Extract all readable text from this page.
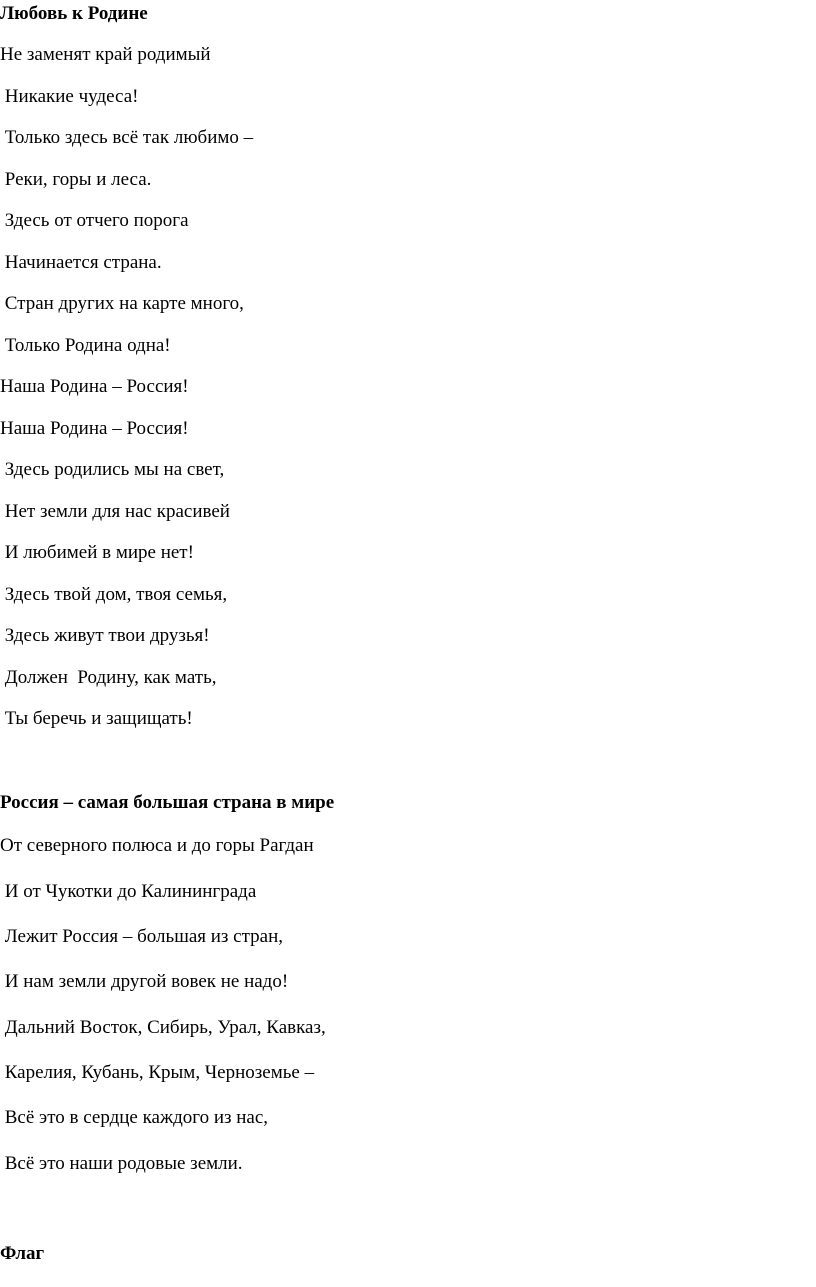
Любовь к Родине

Не заменят край родимый

Никакие чудеса!

Только здесь всё так любимо –

Реки, горы и леса.

Здесь от отчего порога

Начинается страна.

Стран других на карте много,

Только Родина одна!

Наша Родина – Россия!

Наша Родина – Россия!

Здесь родились мы на свет,

Нет земли для нас красивей

И любимей в мире нет!

Здесь твой дом, твоя семья,

Здесь живут твои друзья!

Должен  Родину, как мать,

Ты беречь и защищать!

Россия – самая большая страна в мире

От северного полюса и до горы Рагдан

И от Чукотки до Калининграда

Лежит Россия – большая из стран,

И нам земли другой вовек не надо!

Дальний Восток, Сибирь, Урал, Кавказ,

Карелия, Кубань, Крым, Черноземье –

Всё это в сердце каждого из нас,

Всё это наши родовые земли.

Флаг
